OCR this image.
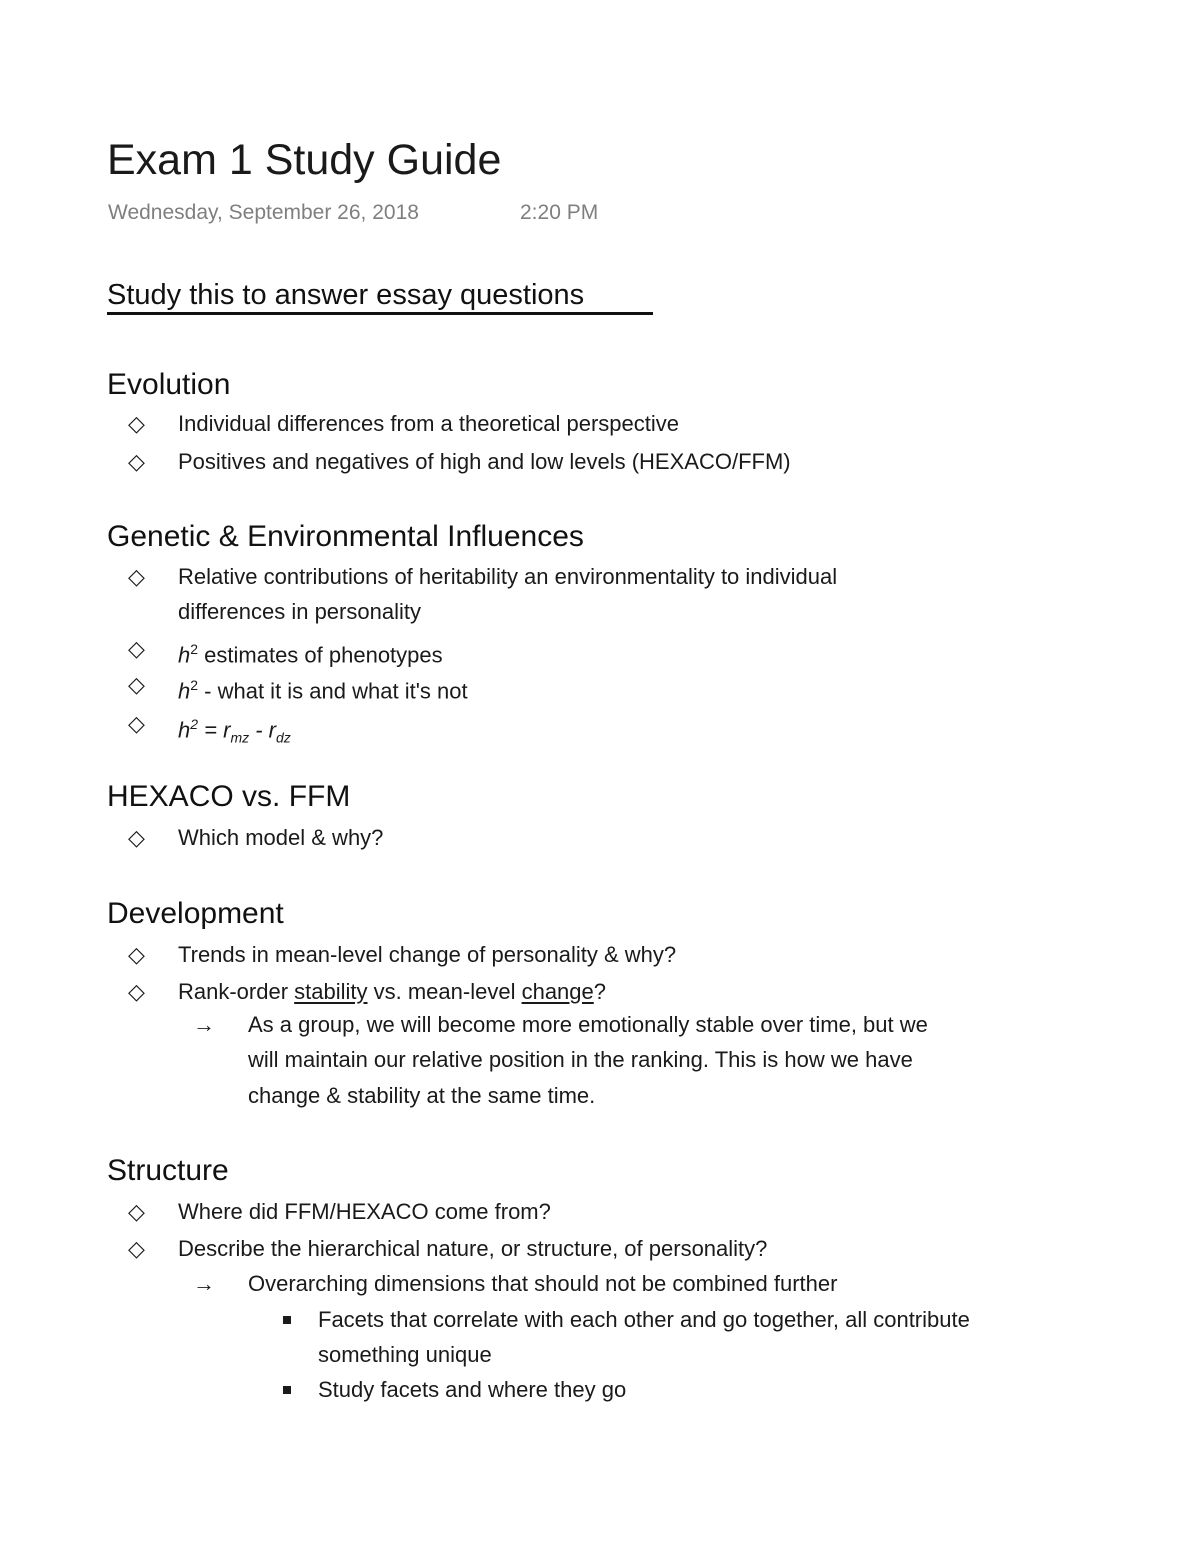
Exam 1 Study Guide
Wednesday, September 26, 2018	2:20 PM
Study this to answer essay questions
Evolution
◇ Individual differences from a theoretical perspective
◇ Positives and negatives of high and low levels (HEXACO/FFM)
Genetic & Environmental Influences
◇ Relative contributions of heritability an environmentality to individual
differences in personality
◇ $h^2$ estimates of phenotypes
◇ $h^2$ - what it is and what it's not
◇ $h^2 = r_{mz} - r_{dz}$
HEXACO vs. FFM
◇ Which model & why?
Development
◇ Trends in mean-level change of personality & why?
◇ Rank-order stability vs. mean-level change?
→ As a group, we will become more emotionally stable over time, but we
will maintain our relative position in the ranking. This is how we have
change & stability at the same time.
Structure
◇ Where did FFM/HEXACO come from?
◇ Describe the hierarchical nature, or structure, of personality?
→ Overarching dimensions that should not be combined further
Facets that correlate with each other and go together, all contribute
something unique
Study facets and where they go
